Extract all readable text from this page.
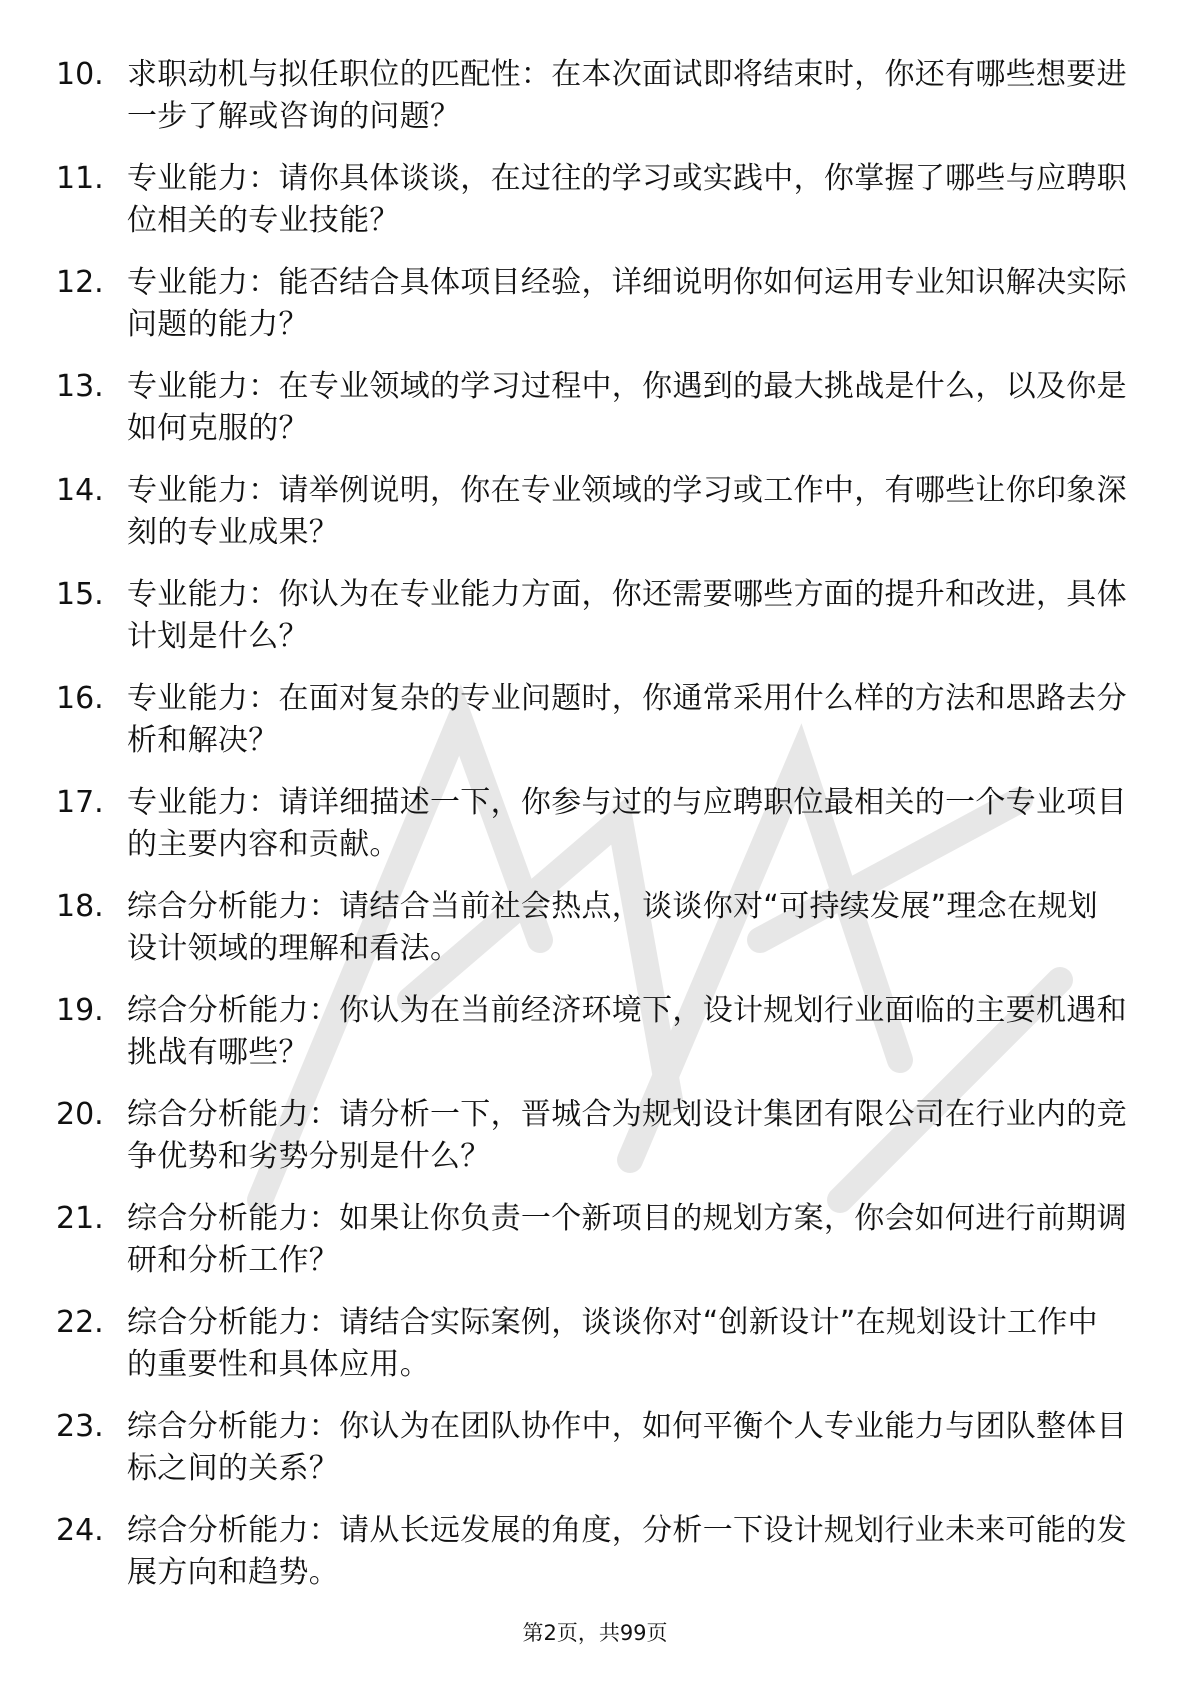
10. 求职动机与拟任职位的匹配性：在本次面试即将结束时，你还有哪些想要进一步了解或咨询的问题？
11. 专业能力：请你具体谈谈，在过往的学习或实践中，你掌握了哪些与应聘职位相关的专业技能？
12. 专业能力：能否结合具体项目经验，详细说明你如何运用专业知识解决实际问题的能力？
13. 专业能力：在专业领域的学习过程中，你遇到的最大挑战是什么，以及你是如何克服的？
14. 专业能力：请举例说明，你在专业领域的学习或工作中，有哪些让你印象深刻的专业成果？
15. 专业能力：你认为在专业能力方面，你还需要哪些方面的提升和改进，具体计划是什么？
16. 专业能力：在面对复杂的专业问题时，你通常采用什么样的方法和思路去分析和解决？
17. 专业能力：请详细描述一下，你参与过的与应聘职位最相关的一个专业项目的主要内容和贡献。
18. 综合分析能力：请结合当前社会热点，谈谈你对“可持续发展”理念在规划设计领域的理解和看法。
19. 综合分析能力：你认为在当前经济环境下，设计规划行业面临的主要机遇和挑战有哪些？
20. 综合分析能力：请分析一下，晋城合为规划设计集团有限公司在行业内的竞争优势和劣势分别是什么？
21. 综合分析能力：如果让你负责一个新项目的规划方案，你会如何进行前期调研和分析工作？
22. 综合分析能力：请结合实际案例，谈谈你对“创新设计”在规划设计工作中的重要性和具体应用。
23. 综合分析能力：你认为在团队协作中，如何平衡个人专业能力与团队整体目标之间的关系？
24. 综合分析能力：请从长远发展的角度，分析一下设计规划行业未来可能的发展方向和趋势。
第2页，共99页
